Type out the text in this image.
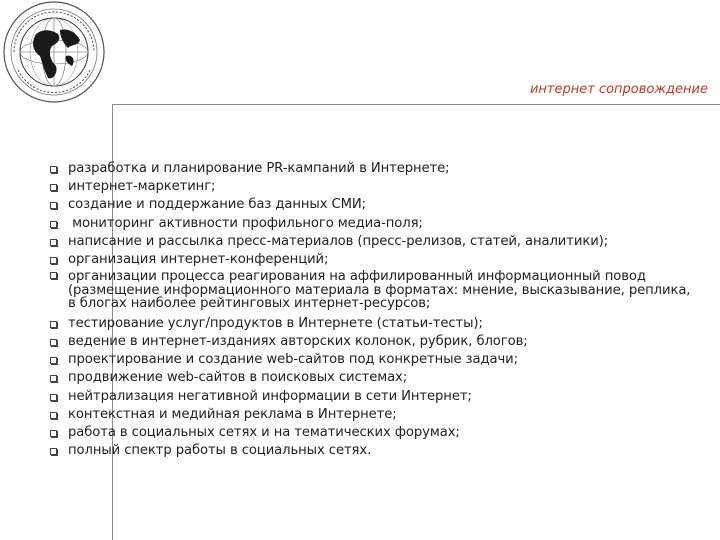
интернет сопровождение
разработка и планирование PR-кампаний в Интернете;
интернет-маркетинг;
создание и поддержание баз данных СМИ;
мониторинг активности профильного медиа-поля;
написание и рассылка пресс-материалов (пресс-релизов, статей, аналитики);
организация интернет-конференций;
организации процесса реагирования на аффилированный информационный повод (размещение информационного материала в форматах: мнение, высказывание, реплика, в блогах наиболее рейтинговых интернет-ресурсов;
тестирование услуг/продуктов в Интернете (статьи-тесты);
ведение в интернет-изданиях авторских колонок, рубрик, блогов;
проектирование и создание web-сайтов под конкретные задачи;
продвижение web-сайтов в поисковых системах;
нейтрализация негативной информации в сети Интернет;
контекстная и медийная реклама в Интернете;
работа в социальных сетях и на тематических форумах;
полный спектр работы в социальных сетях.
